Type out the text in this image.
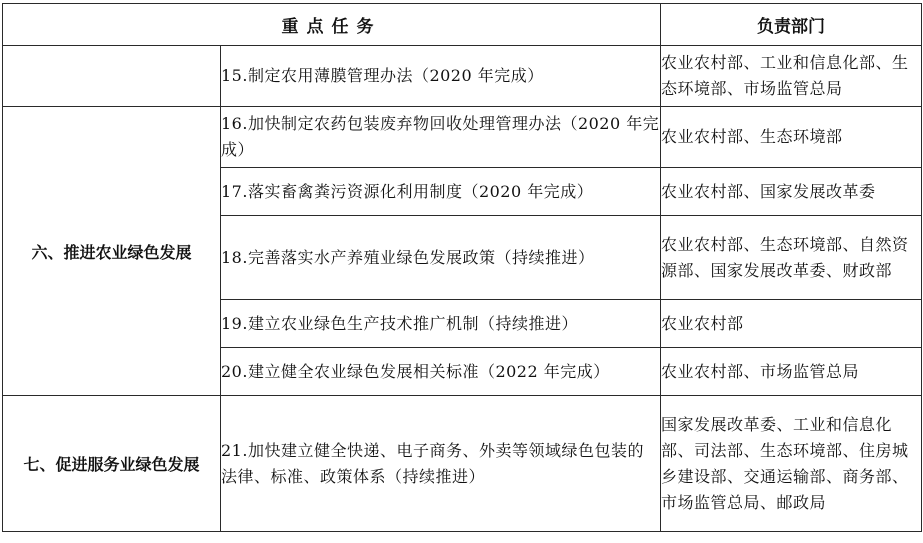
重点任务		负责部门
	15.制定农用薄膜管理办法（2020 年完成）	农业农村部、工业和信息化部、生态环境部、市场监管总局
六、推进农业绿色发展	16.加快制定农药包装废弃物回收处理管理办法（2020 年完成）	农业农村部、生态环境部
	17.落实畜禽粪污资源化利用制度（2020 年完成）	农业农村部、国家发展改革委
	18.完善落实水产养殖业绿色发展政策（持续推进）	农业农村部、生态环境部、自然资源部、国家发展改革委、财政部
	19.建立农业绿色生产技术推广机制（持续推进）	农业农村部
	20.建立健全农业绿色发展相关标准（2022 年完成）	农业农村部、市场监管总局
七、促进服务业绿色发展	21.加快建立健全快递、电子商务、外卖等领域绿色包装的法律、标准、政策体系（持续推进）	国家发展改革委、工业和信息化部、司法部、生态环境部、住房城乡建设部、交通运输部、商务部、市场监管总局、邮政局
